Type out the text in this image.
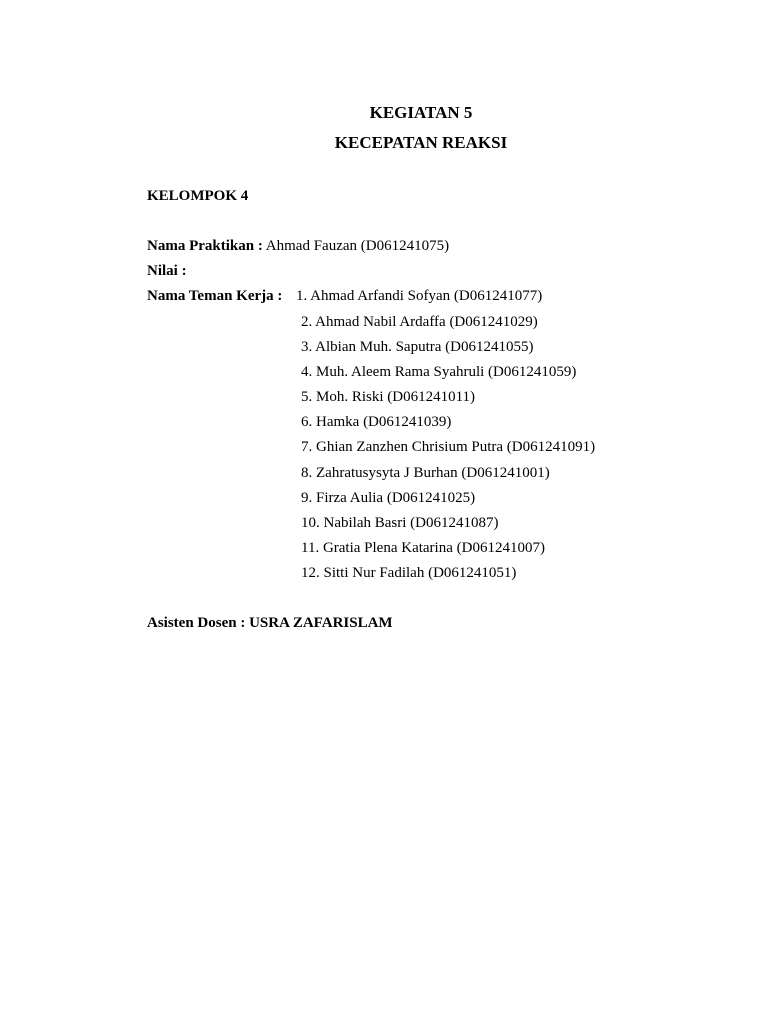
KEGIATAN 5
KECEPATAN REAKSI
KELOMPOK 4
Nama Praktikan : Ahmad Fauzan (D061241075)
Nilai :
Nama Teman Kerja : 1. Ahmad Arfandi Sofyan (D061241077)
2. Ahmad Nabil Ardaffa (D061241029)
3. Albian Muh. Saputra (D061241055)
4. Muh. Aleem Rama Syahruli (D061241059)
5. Moh. Riski (D061241011)
6. Hamka (D061241039)
7. Ghian Zanzhen Chrisium Putra (D061241091)
8. Zahratusysyta J Burhan (D061241001)
9. Firza Aulia (D061241025)
10. Nabilah Basri (D061241087)
11. Gratia Plena Katarina (D061241007)
12. Sitti Nur Fadilah (D061241051)
Asisten Dosen : USRA ZAFARISLAM
